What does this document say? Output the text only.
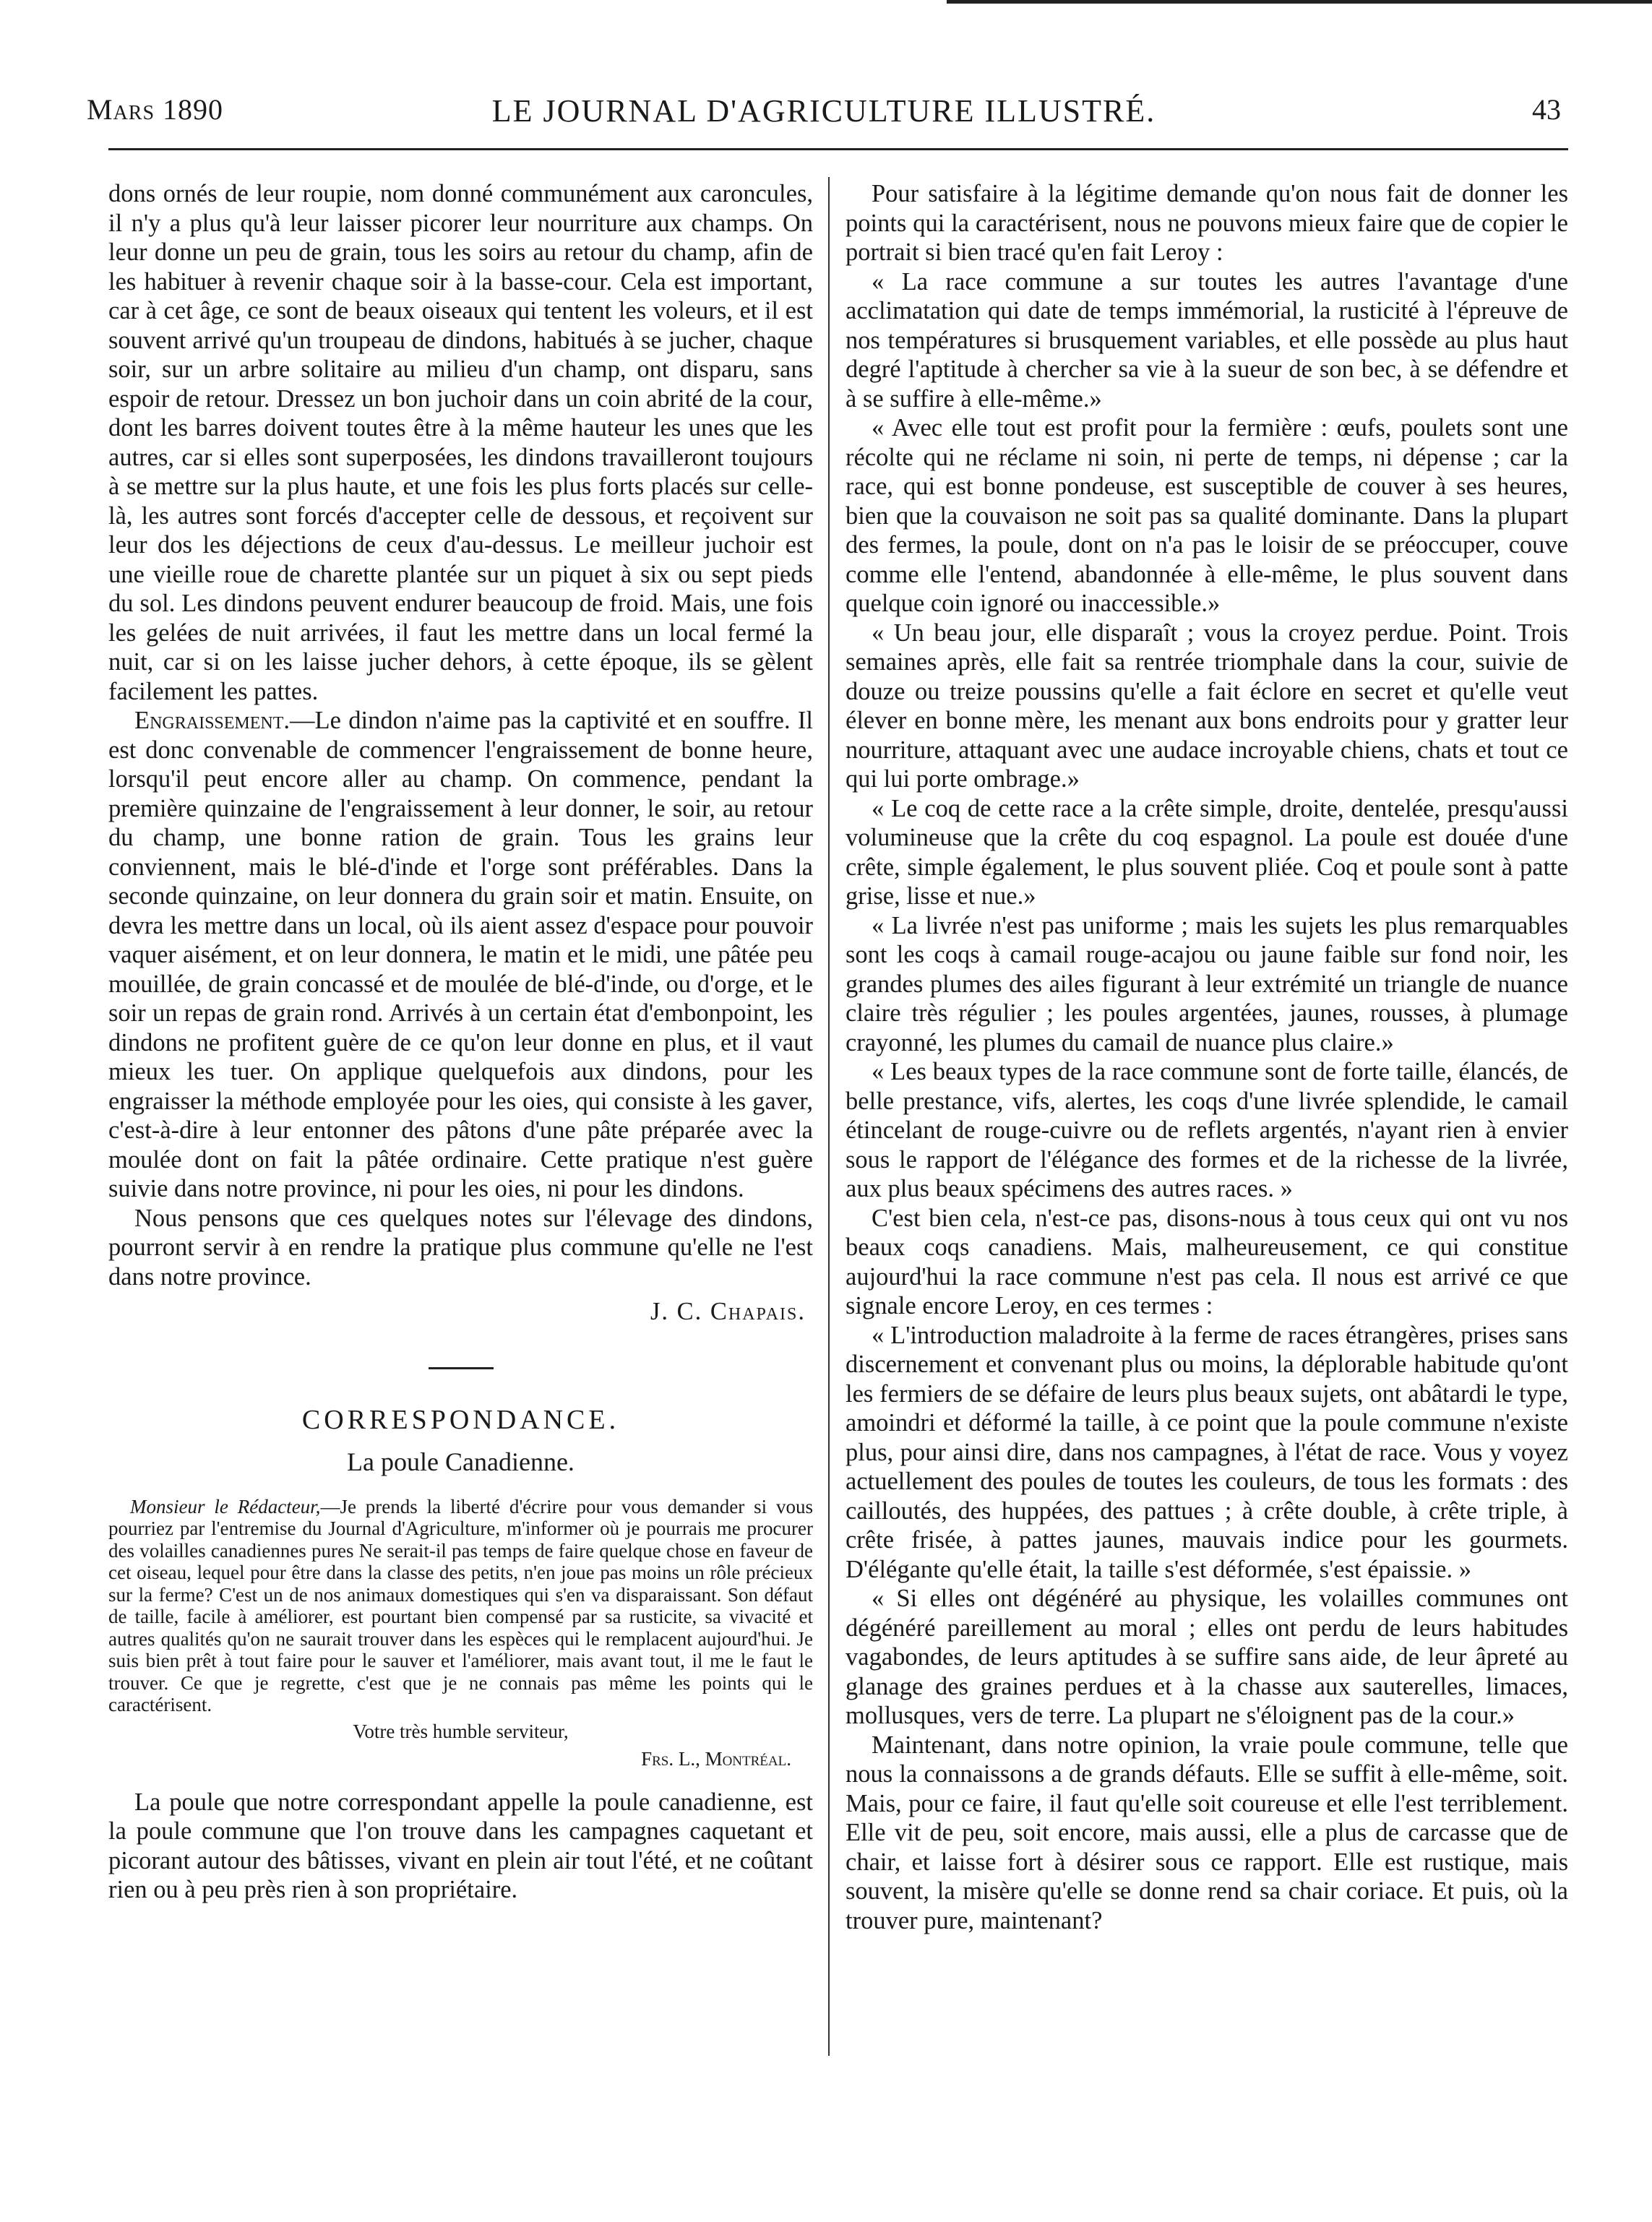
Mars 1890	LE JOURNAL D'AGRICULTURE ILLUSTRÉ.	43

dons ornés de leur roupie, nom donné communément aux caroncules, il n'y a plus qu'à leur laisser picorer leur nourriture aux champs. On leur donne un peu de grain, tous les soirs au retour du champ, afin de les habituer à revenir chaque soir à la basse-cour. Cela est important, car à cet âge, ce sont de beaux oiseaux qui tentent les voleurs, et il est souvent arrivé qu'un troupeau de dindons, habitués à se jucher, chaque soir, sur un arbre solitaire au milieu d'un champ, ont disparu, sans espoir de retour. Dressez un bon juchoir dans un coin abrité de la cour, dont les barres doivent toutes être à la même hauteur les unes que les autres, car si elles sont superposées, les dindons travailleront toujours à se mettre sur la plus haute, et une fois les plus forts placés sur celle-là, les autres sont forcés d'accepter celle de dessous, et reçoivent sur leur dos les déjections de ceux d'au-dessus. Le meilleur juchoir est une vieille roue de charette plantée sur un piquet à six ou sept pieds du sol. Les dindons peuvent endurer beaucoup de froid. Mais, une fois les gelées de nuit arrivées, il faut les mettre dans un local fermé la nuit, car si on les laisse jucher dehors, à cette époque, ils se gèlent facilement les pattes.

Engraissement.—Le dindon n'aime pas la captivité et en souffre. Il est donc convenable de commencer l'engraissement de bonne heure, lorsqu'il peut encore aller au champ. On commence, pendant la première quinzaine de l'engraissement à leur donner, le soir, au retour du champ, une bonne ration de grain. Tous les grains leur conviennent, mais le blé-d'inde et l'orge sont préférables. Dans la seconde quinzaine, on leur donnera du grain soir et matin. Ensuite, on devra les mettre dans un local, où ils aient assez d'espace pour pouvoir vaquer aisément, et on leur donnera, le matin et le midi, une pâtée peu mouillée, de grain concassé et de moulée de blé-d'inde, ou d'orge, et le soir un repas de grain rond. Arrivés à un certain état d'embonpoint, les dindons ne profitent guère de ce qu'on leur donne en plus, et il vaut mieux les tuer. On applique quelquefois aux dindons, pour les engraisser la méthode employée pour les oies, qui consiste à les gaver, c'est-à-dire à leur entonner des pâtons d'une pâte préparée avec la moulée dont on fait la pâtée ordinaire. Cette pratique n'est guère suivie dans notre province, ni pour les oies, ni pour les dindons.

Nous pensons que ces quelques notes sur l'élevage des dindons, pourront servir à en rendre la pratique plus commune qu'elle ne l'est dans notre province.

J. C. Chapais.
CORRESPONDANCE.
La poule Canadienne.

Monsieur le Rédacteur,—Je prends la liberté d'écrire pour vous demander si vous pourriez par l'entremise du Journal d'Agriculture, m'informer où je pourrais me procurer des volailles canadiennes pures Ne serait-il pas temps de faire quelque chose en faveur de cet oiseau, lequel pour être dans la classe des petits, n'en joue pas moins un rôle précieux sur la ferme? C'est un de nos animaux domestiques qui s'en va disparaissant. Son défaut de taille, facile à améliorer, est pourtant bien compensé par sa rusticite, sa vivacité et autres qualités qu'on ne saurait trouver dans les espèces qui le remplacent aujourd'hui. Je suis bien prêt à tout faire pour le sauver et l'améliorer, mais avant tout, il me le faut le trouver. Ce que je regrette, c'est que je ne connais pas même les points qui le caractérisent.

Votre très humble serviteur,

Frs. L., Montréal.

La poule que notre correspondant appelle la poule canadienne, est la poule commune que l'on trouve dans les campagnes caquetant et picorant autour des bâtisses, vivant en plein air tout l'été, et ne coûtant rien ou à peu près rien à son propriétaire.

Pour satisfaire à la légitime demande qu'on nous fait de donner les points qui la caractérisent, nous ne pouvons mieux faire que de copier le portrait si bien tracé qu'en fait Leroy :

« La race commune a sur toutes les autres l'avantage d'une acclimatation qui date de temps immémorial, la rusticité à l'épreuve de nos températures si brusquement variables, et elle possède au plus haut degré l'aptitude à chercher sa vie à la sueur de son bec, à se défendre et à se suffire à elle-même.»

« Avec elle tout est profit pour la fermière : œufs, poulets sont une récolte qui ne réclame ni soin, ni perte de temps, ni dépense ; car la race, qui est bonne pondeuse, est susceptible de couver à ses heures, bien que la couvaison ne soit pas sa qualité dominante. Dans la plupart des fermes, la poule, dont on n'a pas le loisir de se préoccuper, couve comme elle l'entend, abandonnée à elle-même, le plus souvent dans quelque coin ignoré ou inaccessible.»

« Un beau jour, elle disparaît ; vous la croyez perdue. Point. Trois semaines après, elle fait sa rentrée triomphale dans la cour, suivie de douze ou treize poussins qu'elle a fait éclore en secret et qu'elle veut élever en bonne mère, les menant aux bons endroits pour y gratter leur nourriture, attaquant avec une audace incroyable chiens, chats et tout ce qui lui porte ombrage.»

« Le coq de cette race a la crête simple, droite, dentelée, presqu'aussi volumineuse que la crête du coq espagnol. La poule est douée d'une crête, simple également, le plus souvent pliée. Coq et poule sont à patte grise, lisse et nue.»

« La livrée n'est pas uniforme ; mais les sujets les plus remarquables sont les coqs à camail rouge-acajou ou jaune faible sur fond noir, les grandes plumes des ailes figurant à leur extrémité un triangle de nuance claire très régulier ; les poules argentées, jaunes, rousses, à plumage crayonné, les plumes du camail de nuance plus claire.»

« Les beaux types de la race commune sont de forte taille, élancés, de belle prestance, vifs, alertes, les coqs d'une livrée splendide, le camail étincelant de rouge-cuivre ou de reflets argentés, n'ayant rien à envier sous le rapport de l'élégance des formes et de la richesse de la livrée, aux plus beaux spécimens des autres races. »

C'est bien cela, n'est-ce pas, disons-nous à tous ceux qui ont vu nos beaux coqs canadiens. Mais, malheureusement, ce qui constitue aujourd'hui la race commune n'est pas cela. Il nous est arrivé ce que signale encore Leroy, en ces termes :

« L'introduction maladroite à la ferme de races étrangères, prises sans discernement et convenant plus ou moins, la déplorable habitude qu'ont les fermiers de se défaire de leurs plus beaux sujets, ont abâtardi le type, amoindri et déformé la taille, à ce point que la poule commune n'existe plus, pour ainsi dire, dans nos campagnes, à l'état de race. Vous y voyez actuellement des poules de toutes les couleurs, de tous les formats : des cailloutés, des huppées, des pattues ; à crête double, à crête triple, à crête frisée, à pattes jaunes, mauvais indice pour les gourmets. D'élégante qu'elle était, la taille s'est déformée, s'est épaissie. »

« Si elles ont dégénéré au physique, les volailles communes ont dégénéré pareillement au moral ; elles ont perdu de leurs habitudes vagabondes, de leurs aptitudes à se suffire sans aide, de leur âpreté au glanage des graines perdues et à la chasse aux sauterelles, limaces, mollusques, vers de terre. La plupart ne s'éloignent pas de la cour.»

Maintenant, dans notre opinion, la vraie poule commune, telle que nous la connaissons a de grands défauts. Elle se suffit à elle-même, soit. Mais, pour ce faire, il faut qu'elle soit coureuse et elle l'est terriblement. Elle vit de peu, soit encore, mais aussi, elle a plus de carcasse que de chair, et laisse fort à désirer sous ce rapport. Elle est rustique, mais souvent, la misère qu'elle se donne rend sa chair coriace. Et puis, où la trouver pure, maintenant?
